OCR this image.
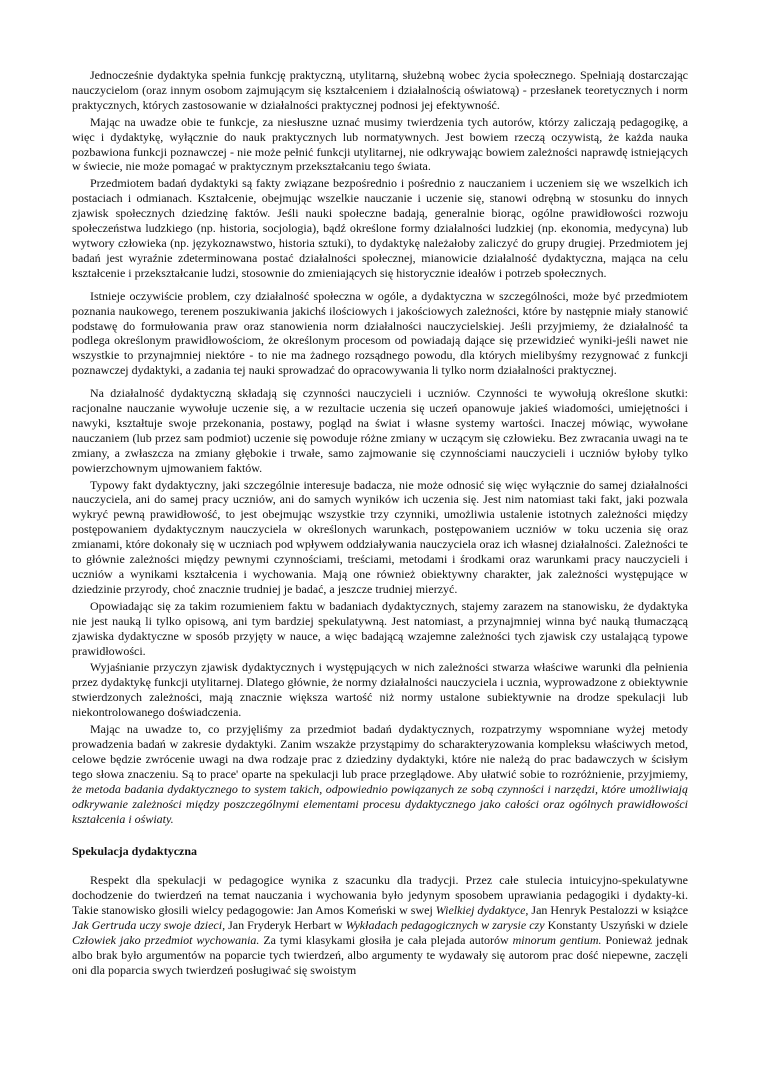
Jednocześnie dydaktyka spełnia funkcję praktyczną, utylitarną, służebną wobec życia społecznego. Spełniają dostarczając nauczycielom (oraz innym osobom zajmującym się kształceniem i działalnością oświatową) - przesłanek teoretycznych i norm praktycznych, których zastosowanie w działalności praktycznej podnosi jej efektywność.

Mając na uwadze obie te funkcje, za niesłuszne uznać musimy twierdzenia tych autorów, którzy zaliczają pedagogikę, a więc i dydaktykę, wyłącznie do nauk praktycznych lub normatywnych. Jest bowiem rzeczą oczywistą, że każda nauka pozbawiona funkcji poznawczej - nie może pełnić funkcji utylitarnej, nie odkrywając bowiem zależności naprawdę istniejących w świecie, nie może pomagać w praktycznym przekształcaniu tego świata.

Przedmiotem badań dydaktyki są fakty związane bezpośrednio i pośrednio z nauczaniem i uczeniem się we wszelkich ich postaciach i odmianach. Kształcenie, obejmując wszelkie nauczanie i uczenie się, stanowi odrębną w stosunku do innych zjawisk społecznych dziedzinę faktów. Jeśli nauki społeczne badają, generalnie biorąc, ogólne prawidłowości rozwoju społeczeństwa ludzkiego (np. historia, socjologia), bądź określone formy działalności ludzkiej (np. ekonomia, medycyna) lub wytwory człowieka (np. językoznawstwo, historia sztuki), to dydaktykę należałoby zaliczyć do grupy drugiej. Przedmiotem jej badań jest wyraźnie zdeterminowana postać działalności społecznej, mianowicie działalność dydaktyczna, mająca na celu kształcenie i przekształcanie ludzi, stosownie do zmieniających się historycznie ideałów i potrzeb społecznych.

Istnieje oczywiście problem, czy działalność społeczna w ogóle, a dydaktyczna w szczególności, może być przedmiotem poznania naukowego, terenem poszukiwania jakichś ilościowych i jakościowych zależności, które by następnie miały stanowić podstawę do formułowania praw oraz stanowienia norm działalności nauczycielskiej. Jeśli przyjmiemy, że działalność ta podlega określonym prawidłowościom, że określonym procesom od powiadają dające się przewidzieć wyniki-jeśli nawet nie wszystkie to przynajmniej niektóre - to nie ma żadnego rozsądnego powodu, dla których mielibyśmy rezygnować z funkcji poznawczej dydaktyki, a zadania tej nauki sprowadzać do opracowywania li tylko norm działalności praktycznej.

Na działalność dydaktyczną składają się czynności nauczycieli i uczniów. Czynności te wywołują określone skutki: racjonalne nauczanie wywołuje uczenie się, a w rezultacie uczenia się uczeń opanowuje jakieś wiadomości, umiejętności i nawyki, kształtuje swoje przekonania, postawy, pogląd na świat i własne systemy wartości. Inaczej mówiąc, wywołane nauczaniem (lub przez sam podmiot) uczenie się powoduje różne zmiany w uczącym się człowieku. Bez zwracania uwagi na te zmiany, a zwłaszcza na zmiany głębokie i trwałe, samo zajmowanie się czynnościami nauczycieli i uczniów byłoby tylko powierzchownym ujmowaniem faktów.

Typowy fakt dydaktyczny, jaki szczególnie interesuje badacza, nie może odnosić się więc wyłącznie do samej działalności nauczyciela, ani do samej pracy uczniów, ani do samych wyników ich uczenia się. Jest nim natomiast taki fakt, jaki pozwala wykryć pewną prawidłowość, to jest obejmując wszystkie trzy czynniki, umożliwia ustalenie istotnych zależności między postępowaniem dydaktycznym nauczyciela w określonych warunkach, postępowaniem uczniów w toku uczenia się oraz zmianami, które dokonały się w uczniach pod wpływem oddziaływania nauczyciela oraz ich własnej działalności. Zależności te to głównie zależności między pewnymi czynnościami, treściami, metodami i środkami oraz warunkami pracy nauczycieli i uczniów a wynikami kształcenia i wychowania. Mają one również obiektywny charakter, jak zależności występujące w dziedzinie przyrody, choć znacznie trudniej je badać, a jeszcze trudniej mierzyć.

Opowiadając się za takim rozumieniem faktu w badaniach dydaktycznych, stajemy zarazem na stanowisku, że dydaktyka nie jest nauką li tylko opisową, ani tym bardziej spekulatywną. Jest natomiast, a przynajmniej winna być nauką tłumaczącą zjawiska dydaktyczne w sposób przyjęty w nauce, a więc badającą wzajemne zależności tych zjawisk czy ustalającą typowe prawidłowości.

Wyjaśnianie przyczyn zjawisk dydaktycznych i występujących w nich zależności stwarza właściwe warunki dla pełnienia przez dydaktykę funkcji utylitarnej. Dlatego głównie, że normy działalności nauczyciela i ucznia, wyprowadzone z obiektywnie stwierdzonych zależności, mają znacznie większa wartość niż normy ustalone subiektywnie na drodze spekulacji lub niekontrolowanego doświadczenia.

Mając na uwadze to, co przyjęliśmy za przedmiot badań dydaktycznych, rozpatrzymy wspomniane wyżej metody prowadzenia badań w zakresie dydaktyki. Zanim wszakże przystąpimy do scharakteryzowania kompleksu właściwych metod, celowe będzie zwrócenie uwagi na dwa rodzaje prac z dziedziny dydaktyki, które nie należą do prac badawczych w ścisłym tego słowa znaczeniu. Są to prace' oparte na spekulacji lub prace przeglądowe. Aby ułatwić sobie to rozróżnienie, przyjmiemy, że metoda badania dydaktycznego to system takich, odpowiednio powiązanych ze sobą czynności i narzędzi, które umożliwiają odkrywanie zależności między poszczególnymi elementami procesu dydaktycznego jako całości oraz ogólnych prawidłowości kształcenia i oświaty.

Spekulacja dydaktyczna

Respekt dla spekulacji w pedagogice wynika z szacunku dla tradycji. Przez całe stulecia intuicyjno-spekulatywne dochodzenie do twierdzeń na temat nauczania i wychowania było jedynym sposobem uprawiania pedagogiki i dydakty-ki. Takie stanowisko głosili wielcy pedagogowie: Jan Amos Komeński w swej Wielkiej dydaktyce, Jan Henryk Pestalozzi w książce Jak Gertruda uczy swoje dzieci, Jan Fryderyk Herbart w Wykładach pedagogicznych w zarysie czy Konstanty Uszyński w dziele Człowiek jako przedmiot wychowania. Za tymi klasykami głosiła je cała plejada autorów minorum gentium. Ponieważ jednak albo brak było argumentów na poparcie tych twierdzeń, albo argumenty te wydawały się autorom prac dość niepewne, zaczęli oni dla poparcia swych twierdzeń posługiwać się swoistym
